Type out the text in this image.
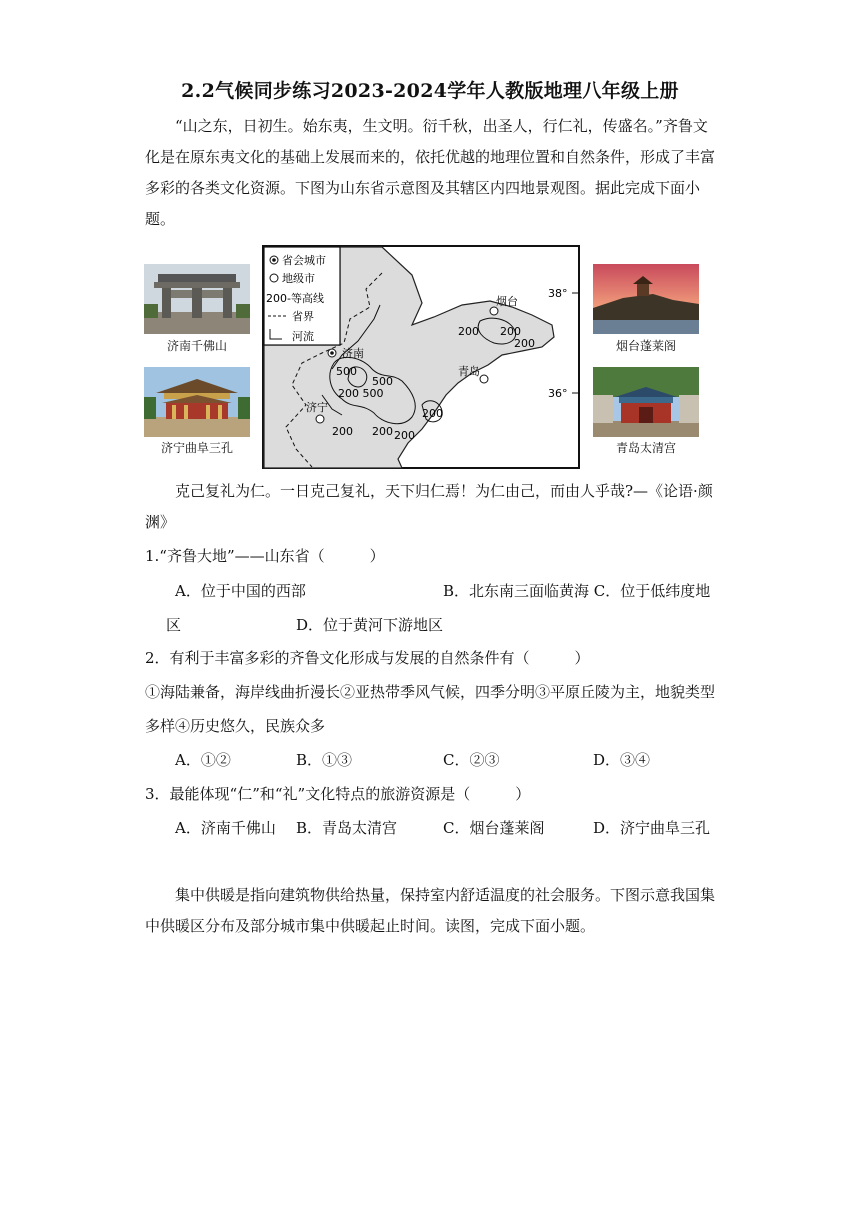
2.2气候同步练习2023-2024学年人教版地理八年级上册
“山之东，日初生。始东夷，生文明。衍千秋，出圣人，行仁礼，传盛名。”齐鲁文化是在原东夷文化的基础上发展而来的，依托优越的地理位置和自然条件，形成了丰富多彩的各类文化资源。下图为山东省示意图及其辖区内四地景观图。据此完成下面小题。
济南千佛山
济宁曲阜三孔
省会城市
地级市
200-等高线
省界
河流
38°
36°
济南
烟台
青岛
济宁
500
500
200 500
200 200 200
200
200 200
200	烟台蓬莱阁
青岛太清宫
克己复礼为仁。一日克己复礼，天下归仁焉！为仁由己，而由人乎哉?—《论语·颜
渊》
1.“齐鲁大地”——山东省（　　　）
A．位于中国的西部	B．北东南三面临黄海 C．位于低纬度地
区	D．位于黄河下游地区
2．有利于丰富多彩的齐鲁文化形成与发展的自然条件有（　　　）
①海陆兼备，海岸线曲折漫长②亚热带季风气候，四季分明③平原丘陵为主，地貌类型
多样④历史悠久，民族众多
A．①②	B．①③	C．②③	D．③④
3．最能体现“仁”和“礼”文化特点的旅游资源是（　　　）
A．济南千佛山 B．青岛太清宫	C．烟台蓬莱阁	D．济宁曲阜三孔
集中供暖是指向建筑物供给热量，保持室内舒适温度的社会服务。下图示意我国集中供暖区分布及部分城市集中供暖起止时间。读图，完成下面小题。
